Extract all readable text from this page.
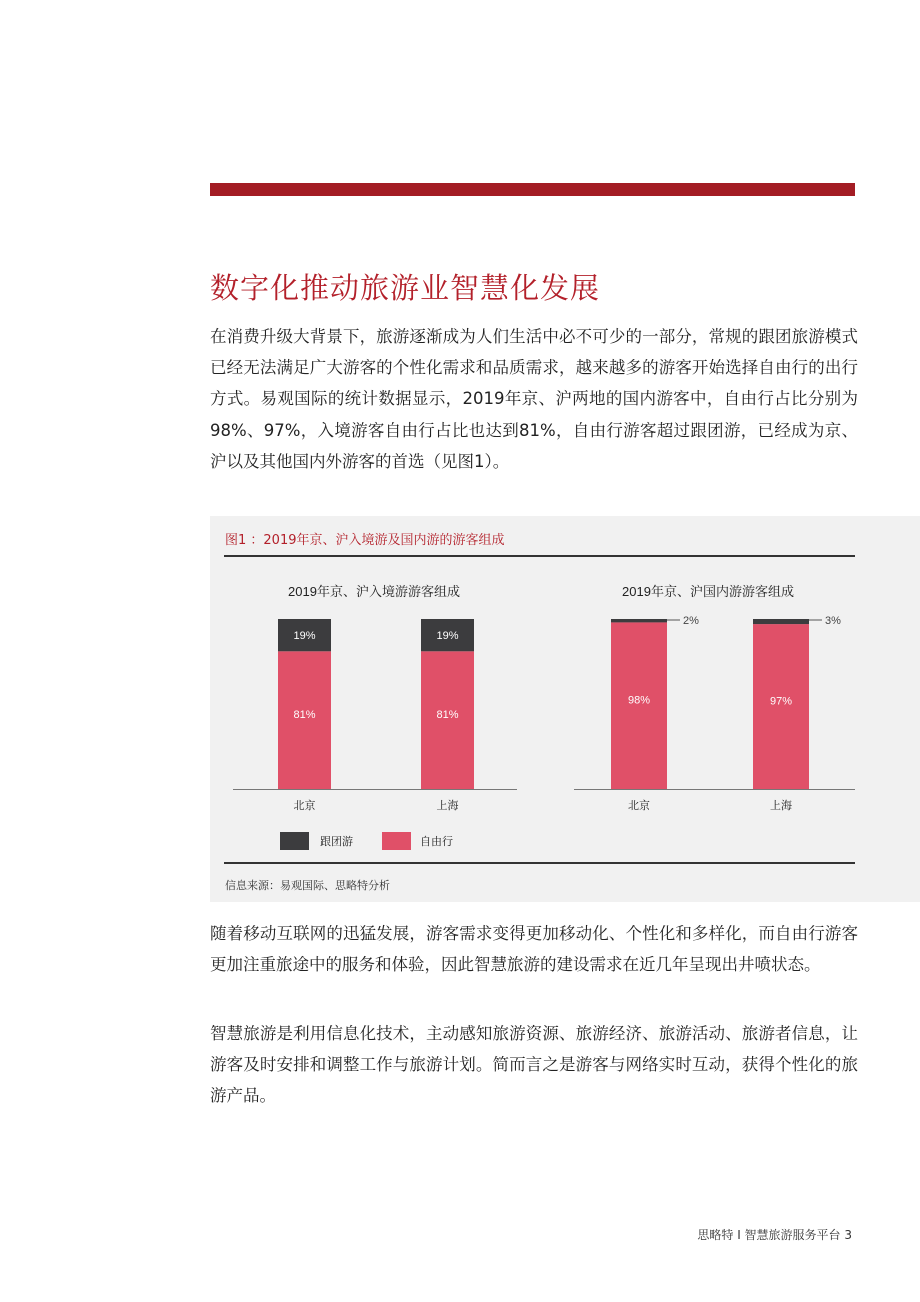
数字化推动旅游业智慧化发展

在消费升级大背景下，旅游逐渐成为人们生活中必不可少的一部分，常规的跟团旅游模式已经无法满足广大游客的个性化需求和品质需求，越来越多的游客开始选择自由行的出行方式。易观国际的统计数据显示，2019年京、沪两地的国内游客中，自由行占比分别为98%、97%，入境游客自由行占比也达到81%，自由行游客超过跟团游，已经成为京、沪以及其他国内外游客的首选（见图1）。

图1 ：2019年京、沪入境游及国内游的游客组成
2019年京、沪入境游游客组成
81%
19%
北京
81%
19%
上海
2019年京、沪国内游游客组成
98%
2%
北京
97%
3%
上海
跟团游	自由行
信息来源：易观国际、思略特分析

随着移动互联网的迅猛发展，游客需求变得更加移动化、个性化和多样化，而自由行游客更加注重旅途中的服务和体验，因此智慧旅游的建设需求在近几年呈现出井喷状态。

智慧旅游是利用信息化技术，主动感知旅游资源、旅游经济、旅游活动、旅游者信息，让游客及时安排和调整工作与旅游计划。简而言之是游客与网络实时互动，获得个性化的旅游产品。

思略特 I 智慧旅游服务平台 3
